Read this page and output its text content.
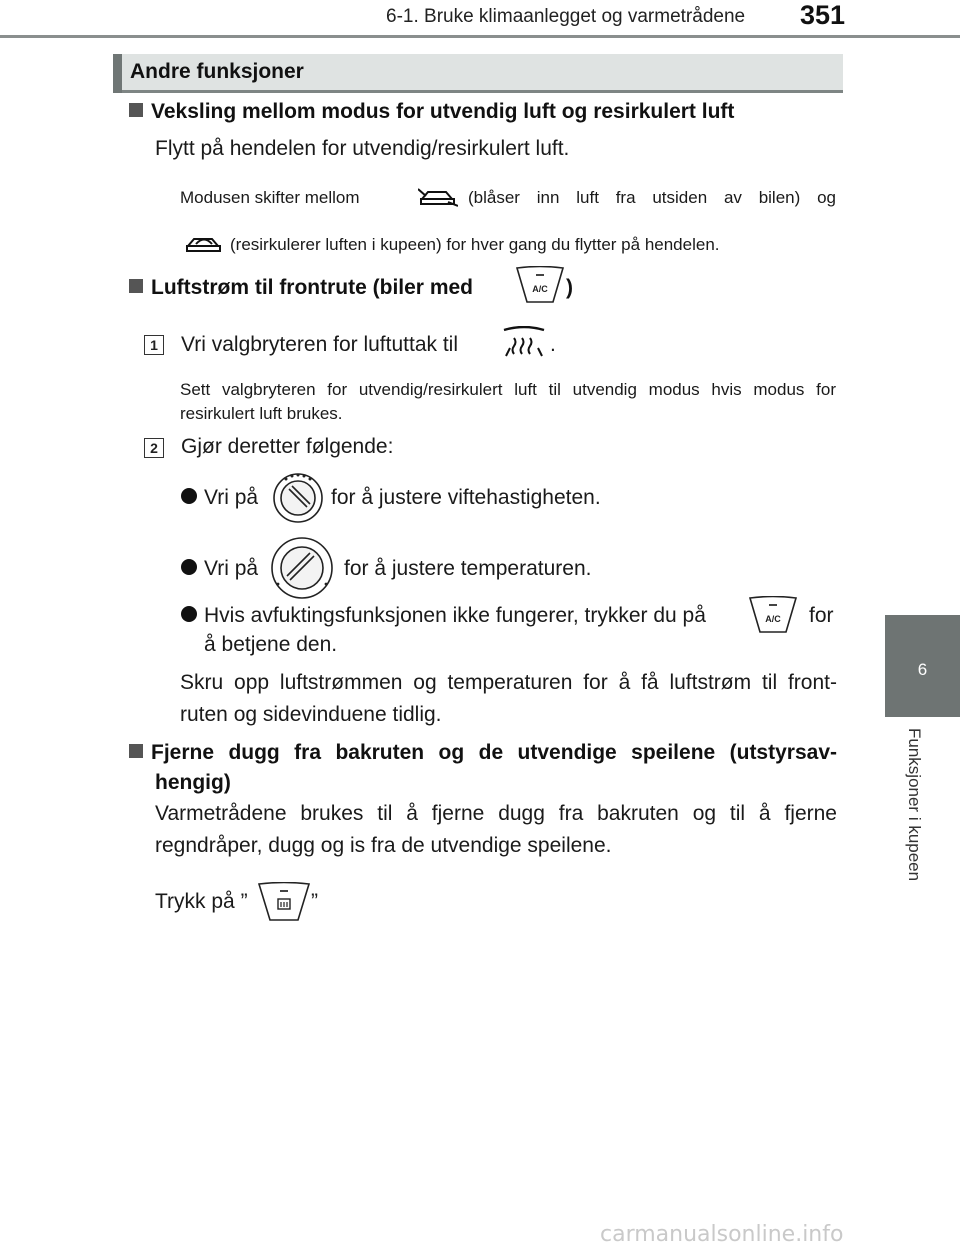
6-1. Bruke klimaanlegget og varmetrådene 351
6
Funksjoner i kupeen
Andre funksjoner
Veksling mellom modus for utvendig luft og resirkulert luft
Flytt på hendelen for utvendig/resirkulert luft.
Modusen skifter mellom	(blåser inn luft fra utsiden av bilen) og
(resirkulerer luften i kupeen) for hver gang du flytter på hendelen.
Luftstrøm til frontrute (biler med	A/C )
1 Vri valgbryteren for luftuttak til	.
Sett valgbryteren for utvendig/resirkulert luft til utvendig modus hvis modus for resirkulert luft brukes.
2 Gjør deretter følgende:
Vri på	for å justere viftehastigheten.
Vri på	for å justere temperaturen.
Hvis avfuktingsfunksjonen ikke fungerer, trykker du på	A/C for
å betjene den.
Skru opp luftstrømmen og temperaturen for å få luftstrøm til front-
ruten og sidevinduene tidlig.
Fjerne dugg fra bakruten og de utvendige speilene (utstyrsav-
hengig)
Varmetrådene brukes til å fjerne dugg fra bakruten og til å fjerne
regndråper, dugg og is fra de utvendige speilene.
Trykk på ”	”
carmanualsonline.info
